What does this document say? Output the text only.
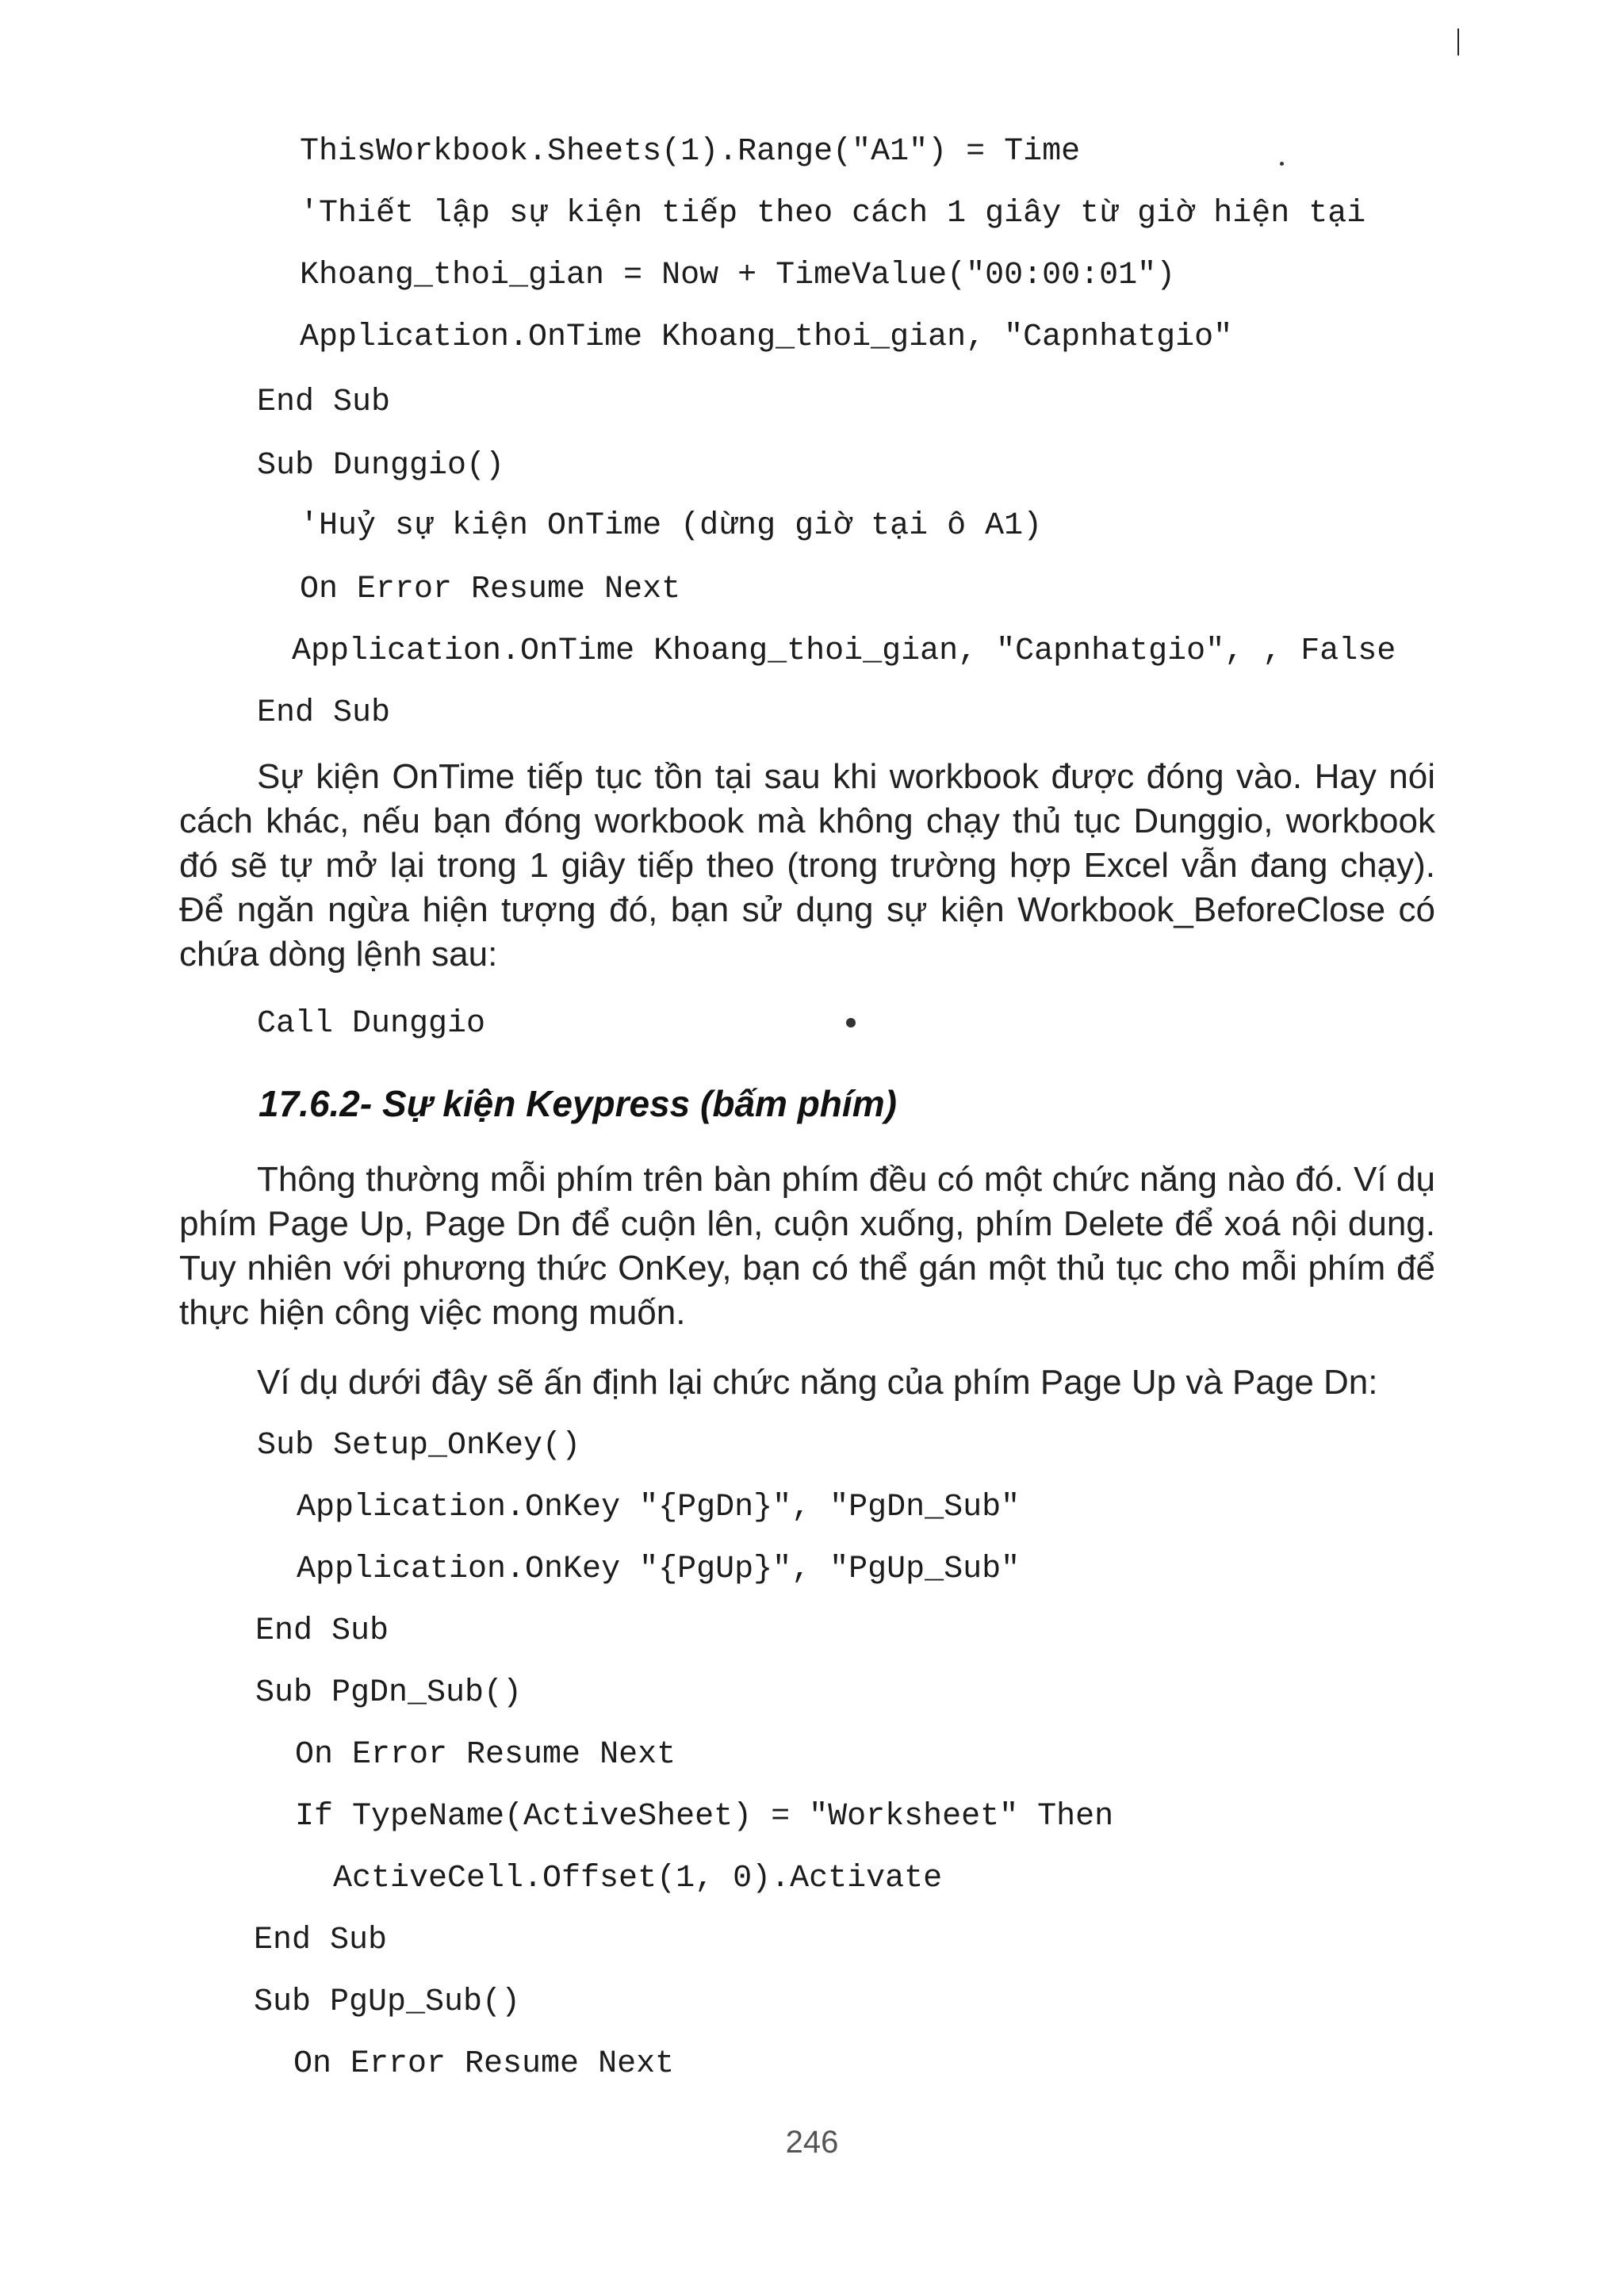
ThisWorkbook.Sheets(1).Range("A1") = Time
'Thiết lập sự kiện tiếp theo cách 1 giây từ giờ hiện tại
Khoang_thoi_gian = Now + TimeValue("00:00:01")
Application.OnTime Khoang_thoi_gian, "Capnhatgio"
End Sub
Sub Dunggio()
'Huỷ sự kiện OnTime (dừng giờ tại ô A1)
On Error Resume Next
Application.OnTime Khoang_thoi_gian, "Capnhatgio", , False
End Sub

Sự kiện OnTime tiếp tục tồn tại sau khi workbook được đóng vào. Hay nói cách khác, nếu bạn đóng workbook mà không chạy thủ tục Dunggio, workbook đó sẽ tự mở lại trong 1 giây tiếp theo (trong trường hợp Excel vẫn đang chạy). Để ngăn ngừa hiện tượng đó, bạn sử dụng sự kiện Workbook_BeforeClose có chứa dòng lệnh sau:

Call Dunggio
17.6.2- Sự kiện Keypress (bấm phím)

Thông thường mỗi phím trên bàn phím đều có một chức năng nào đó. Ví dụ phím Page Up, Page Dn để cuộn lên, cuộn xuống, phím Delete để xoá nội dung. Tuy nhiên với phương thức OnKey, bạn có thể gán một thủ tục cho mỗi phím để thực hiện công việc mong muốn.

Ví dụ dưới đây sẽ ấn định lại chức năng của phím Page Up và Page Dn:

Sub Setup_OnKey()
Application.OnKey "{PgDn}", "PgDn_Sub"
Application.OnKey "{PgUp}", "PgUp_Sub"
End Sub
Sub PgDn_Sub()
On Error Resume Next
If TypeName(ActiveSheet) = "Worksheet" Then
ActiveCell.Offset(1, 0).Activate
End Sub
Sub PgUp_Sub()
On Error Resume Next
246
